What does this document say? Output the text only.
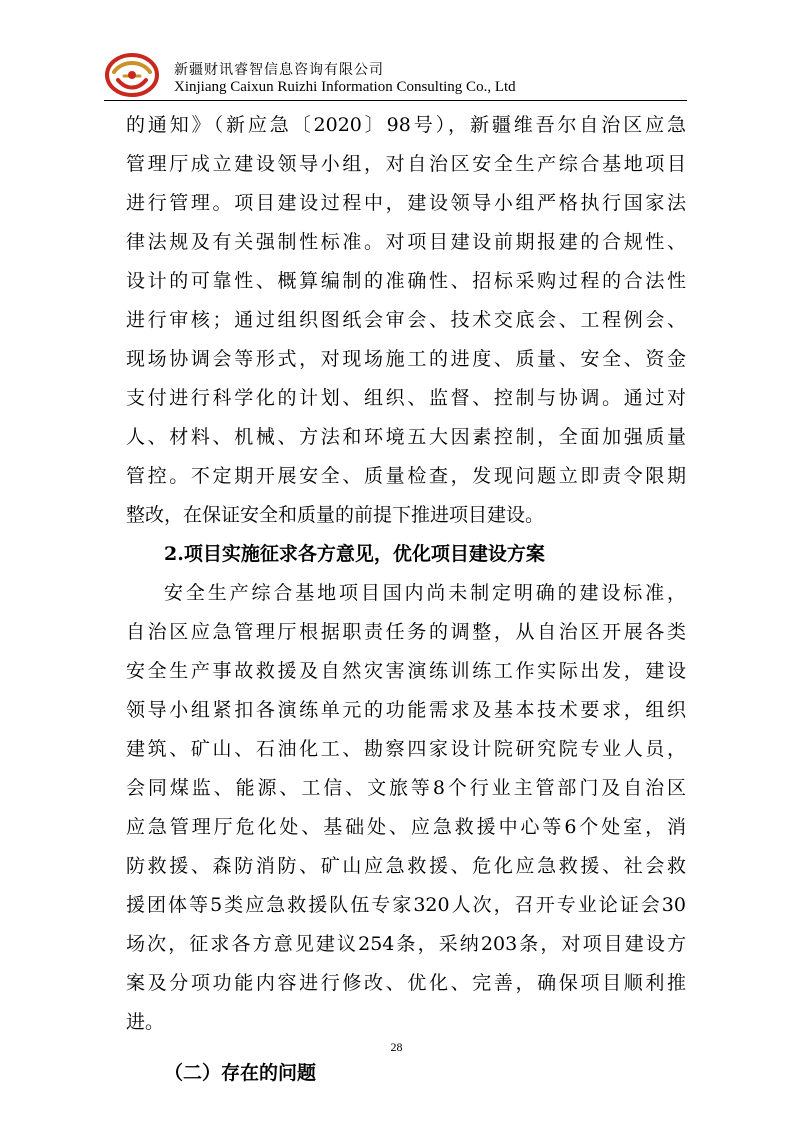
新疆财讯睿智信息咨询有限公司
Xinjiang Caixun Ruizhi Information Consulting Co., Ltd
的通知》（新应急〔2020〕98号），新疆维吾尔自治区应急
管理厅成立建设领导小组，对自治区安全生产综合基地项目
进行管理。项目建设过程中，建设领导小组严格执行国家法
律法规及有关强制性标准。对项目建设前期报建的合规性、
设计的可靠性、概算编制的准确性、招标采购过程的合法性
进行审核；通过组织图纸会审会、技术交底会、工程例会、
现场协调会等形式，对现场施工的进度、质量、安全、资金
支付进行科学化的计划、组织、监督、控制与协调。通过对
人、材料、机械、方法和环境五大因素控制，全面加强质量
管控。不定期开展安全、质量检查，发现问题立即责令限期
整改，在保证安全和质量的前提下推进项目建设。
2.项目实施征求各方意见，优化项目建设方案
安全生产综合基地项目国内尚未制定明确的建设标准，
自治区应急管理厅根据职责任务的调整，从自治区开展各类
安全生产事故救援及自然灾害演练训练工作实际出发，建设
领导小组紧扣各演练单元的功能需求及基本技术要求，组织
建筑、矿山、石油化工、勘察四家设计院研究院专业人员，
会同煤监、能源、工信、文旅等8个行业主管部门及自治区
应急管理厅危化处、基础处、应急救援中心等6个处室，消
防救援、森防消防、矿山应急救援、危化应急救援、社会救
援团体等5类应急救援队伍专家320人次，召开专业论证会30
场次，征求各方意见建议254条，采纳203条，对项目建设方
案及分项功能内容进行修改、优化、完善，确保项目顺利推
进。
（二）存在的问题
28
